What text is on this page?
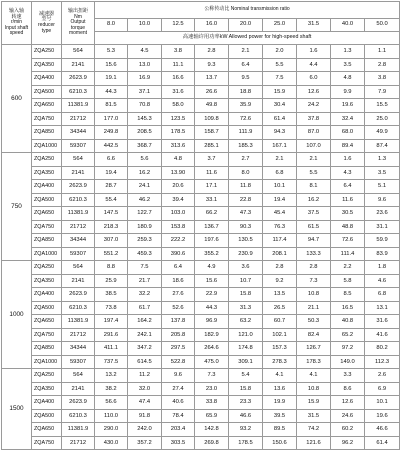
输入轴
转速
r/min
Input shaft
speed	减速器
型号
reducer
type	输出扭距
Nm
Output
torque
moment	公称传动比 Nominal transmission ratio								
			8.0	10.0	12.5	16.0	20.0	25.0	31.5	40.0	50.0
			高速轴许用功率kW Allowed power for high-speed shaft								
600	ZQA250	564	5.3	4.5	3.8	2.8	2.1	2.0	1.6	1.3	1.1
	ZQA350	2141	15.6	13.0	11.1	9.3	6.4	5.5	4.4	3.5	2.8
	ZQA400	2623.9	19.1	16.9	16.6	13.7	9.5	7.5	6.0	4.8	3.8
	ZQA500	6210.3	44.3	37.1	31.6	26.6	18.8	15.9	12.6	9.9	7.9
	ZQA650	11381.9	81.5	70.8	58.0	49.8	35.9	30.4	24.2	19.6	15.5
	ZQA750	21712	177.0	145.3	123.5	109.8	72.6	61.4	37.8	32.4	25.0
	ZQA850	34344	249.8	208.5	178.5	158.7	111.9	94.3	87.0	68.0	49.9
	ZQA1000	59307	442.5	368.7	313.6	285.1	185.3	167.1	107.0	89.4	87.4
750	ZQA250	564	6.6	5.6	4.8	3.7	2.7	2.1	2.1	1.6	1.3
	ZQA350	2141	19.4	16.2	13.90	11.6	8.0	6.8	5.5	4.3	3.5
	ZQA400	2623.9	28.7	24.1	20.6	17.1	11.8	10.1	8.1	6.4	5.1
	ZQA500	6210.3	55.4	46.2	39.4	33.1	22.8	19.4	16.2	11.6	9.6
	ZQA650	11381.9	147.5	122.7	103.0	66.2	47.3	45.4	37.5	30.5	23.6
	ZQA750	21712	218.3	180.9	153.8	136.7	90.3	76.3	61.5	48.8	31.1
	ZQA850	34344	307.0	259.3	222.2	197.6	130.5	117.4	94.7	72.6	59.9
	ZQA1000	59307	551.2	459.3	390.6	355.2	230.9	208.1	133.3	111.4	83.9
1000	ZQA250	564	8.8	7.5	6.4	4.9	3.6	2.8	2.8	2.2	1.8
	ZQA350	2141	25.9	21.7	18.6	15.6	10.7	9.2	7.3	5.8	4.6
	ZQA400	2623.9	38.5	32.2	27.6	22.9	15.8	13.5	10.8	8.5	6.8
	ZQA500	6210.3	73.8	61.7	52.6	44.3	31.3	26.5	21.1	16.5	13.1
	ZQA650	11381.9	197.4	164.2	137.8	96.9	63.2	60.7	50.3	40.8	31.6
	ZQA750	21712	291.6	242.1	205.8	182.9	121.0	102.1	82.4	65.2	41.6
	ZQA850	34344	411.1	347.2	297.5	264.6	174.8	157.3	126.7	97.2	80.2
	ZQA1000	59307	737.5	614.5	522.8	475.0	309.1	278.3	178.3	149.0	112.3
1500	ZQA250	564	13.2	11.2	9.6	7.3	5.4	4.1	4.1	3.3	2.6
	ZQA350	2141	38.2	32.0	27.4	23.0	15.8	13.6	10.8	8.6	6.9
	ZQA400	2623.9	56.6	47.4	40.6	33.8	23.3	19.9	15.9	12.6	10.1
	ZQA500	6210.3	110.0	91.8	78.4	65.9	46.6	39.5	31.5	24.6	19.6
	ZQA650	11381.9	290.0	242.0	203.4	142.8	93.2	89.5	74.2	60.2	46.6
	ZQA750	21712	430.0	357.2	303.5	269.8	178.5	150.6	121.6	96.2	61.4
